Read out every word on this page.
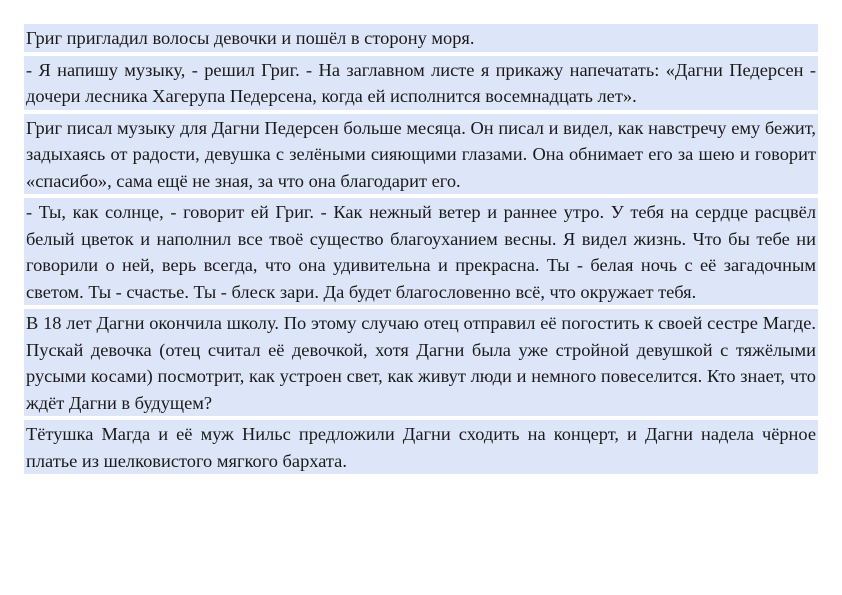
Григ пригладил волосы девочки и пошёл в сторону моря.

- Я напишу музыку, - решил Григ. - На заглавном листе я прикажу напечатать: «Дагни Педерсен - дочери лесника Хагерупа Педерсена, когда ей исполнится восемнадцать лет».

Григ писал музыку для Дагни Педерсен больше месяца. Он писал и видел, как навстречу ему бежит, задыхаясь от радости, девушка с зелёными сияющими глазами. Она обнимает его за шею и говорит «спасибо», сама ещё не зная, за что она благодарит его.

- Ты, как солнце, - говорит ей Григ. - Как нежный ветер и раннее утро. У тебя на сердце расцвёл белый цветок и наполнил все твоё существо благоуханием весны. Я видел жизнь. Что бы тебе ни говорили о ней, верь всегда, что она удивительна и прекрасна. Ты - белая ночь с её загадочным светом. Ты - счастье. Ты - блеск зари. Да будет благословенно всё, что окружает тебя.

В 18 лет Дагни окончила школу. По этому случаю отец отправил её погостить к своей сестре Магде. Пускай девочка (отец считал её девочкой, хотя Дагни была уже стройной девушкой с тяжёлыми русыми косами) посмотрит, как устроен свет, как живут люди и немного повеселится. Кто знает, что ждёт Дагни в будущем?

Тётушка Магда и её муж Нильс предложили Дагни сходить на концерт, и Дагни надела чёрное платье из шелковистого мягкого бархата.
